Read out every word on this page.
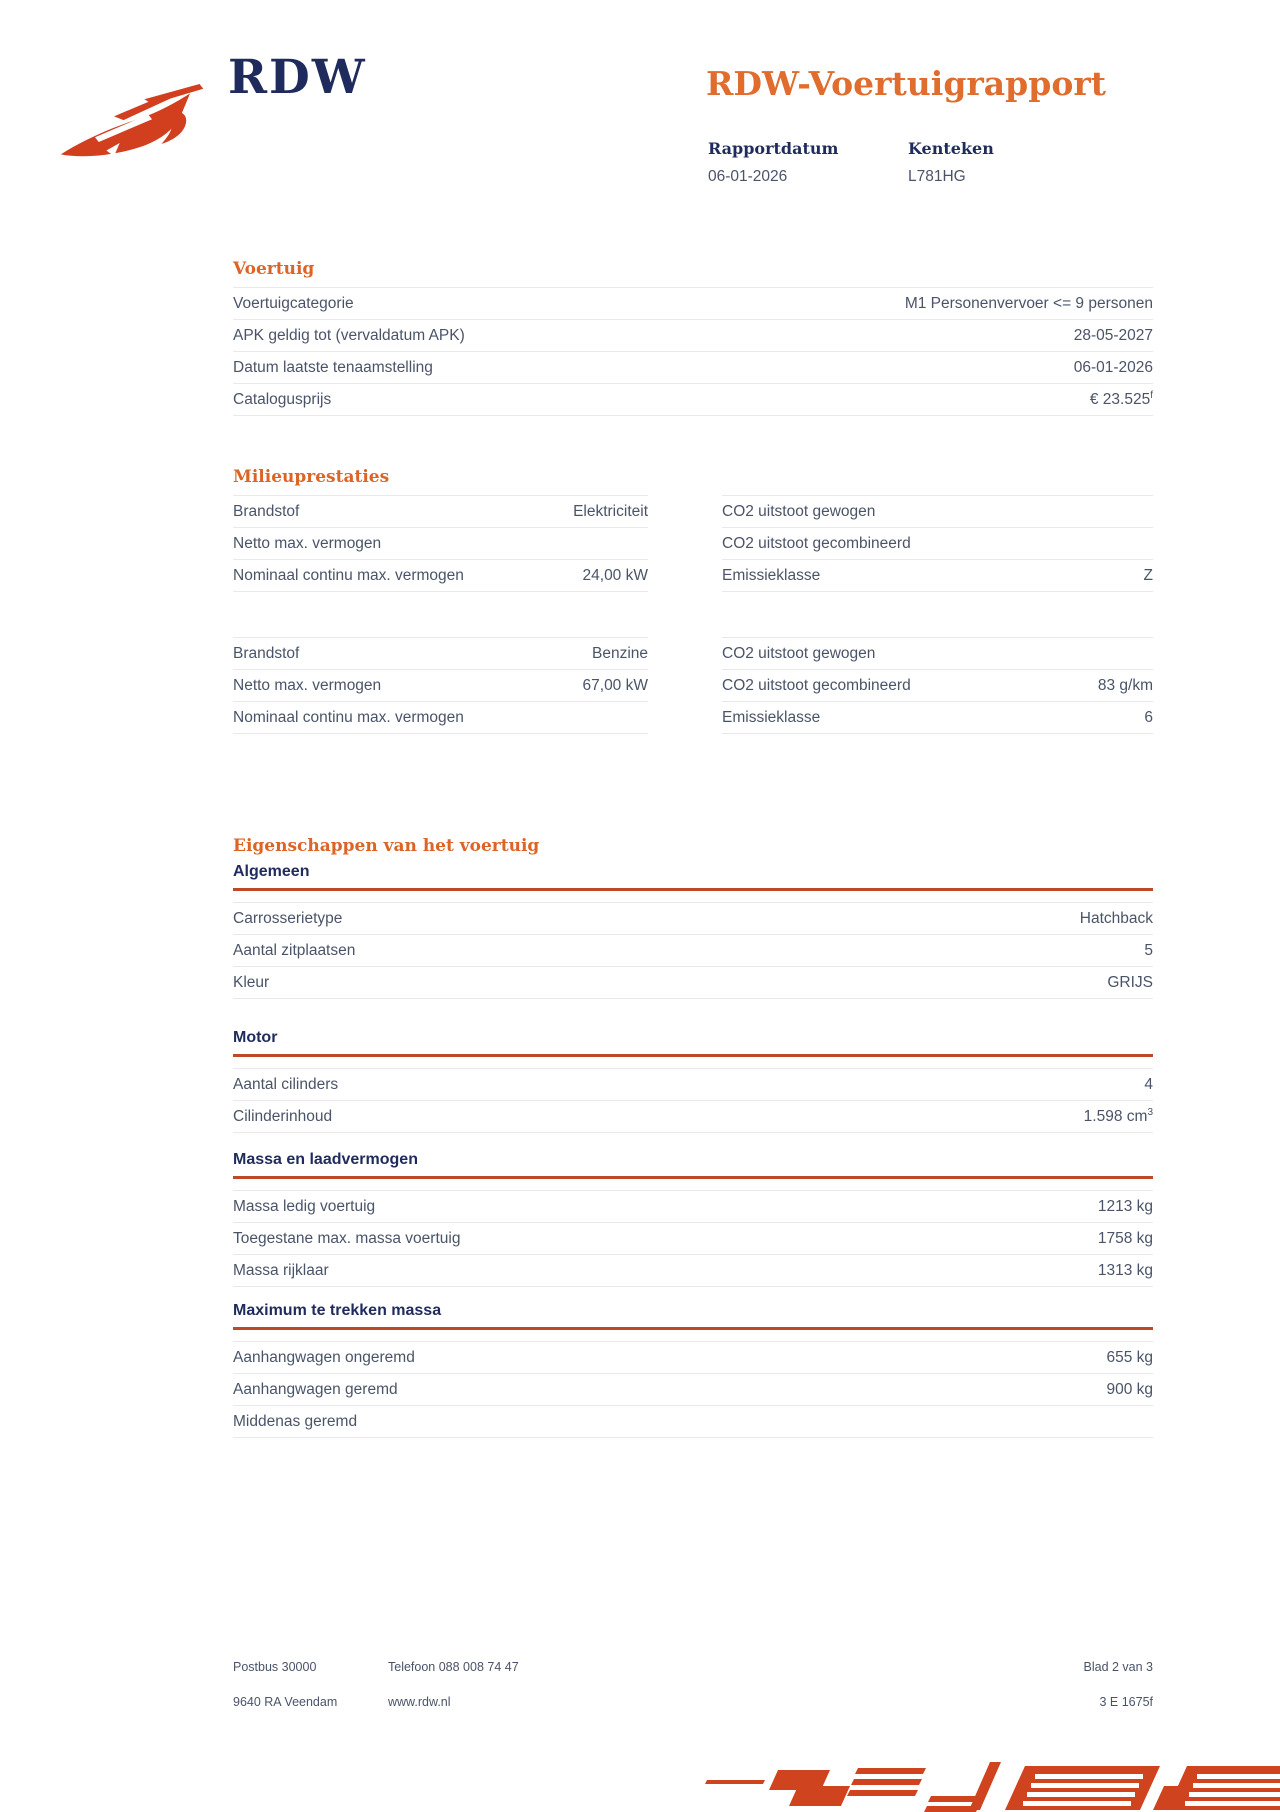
RDW	RDW-Voertuigrapport
Rapportdatum
06-01-2026
Kenteken
L781HG
Voertuig
Voertuigcategorie	M1 Personenvervoer <= 9 personen
APK geldig tot (vervaldatum APK)	28-05-2027
Datum laatste tenaamstelling	06-01-2026
Catalogusprijs	€ 23.525$^f$
Milieuprestaties
Brandstof	Elektriciteit
Netto max. vermogen
Nominaal continu max. vermogen	24,00 kW
CO2 uitstoot gewogen
CO2 uitstoot gecombineerd
Emissieklasse	Z
Brandstof	Benzine
Netto max. vermogen	67,00 kW
Nominaal continu max. vermogen
CO2 uitstoot gewogen
CO2 uitstoot gecombineerd	83 g/km
Emissieklasse	6
Eigenschappen van het voertuig
Algemeen
Carrosserietype	Hatchback
Aantal zitplaatsen	5
Kleur	GRIJS
Motor
Aantal cilinders	4
Cilinderinhoud	1.598 $cm^3$
Massa en laadvermogen
Massa ledig voertuig	1213 kg
Toegestane max. massa voertuig	1758 kg
Massa rijklaar	1313 kg
Maximum te trekken massa
Aanhangwagen ongeremd	655 kg
Aanhangwagen geremd	900 kg
Middenas geremd
Postbus 30000	Telefoon 088 008 74 47	Blad 2 van 3
9640 RA Veendam	www.rdw.nl	3 E 1675f
